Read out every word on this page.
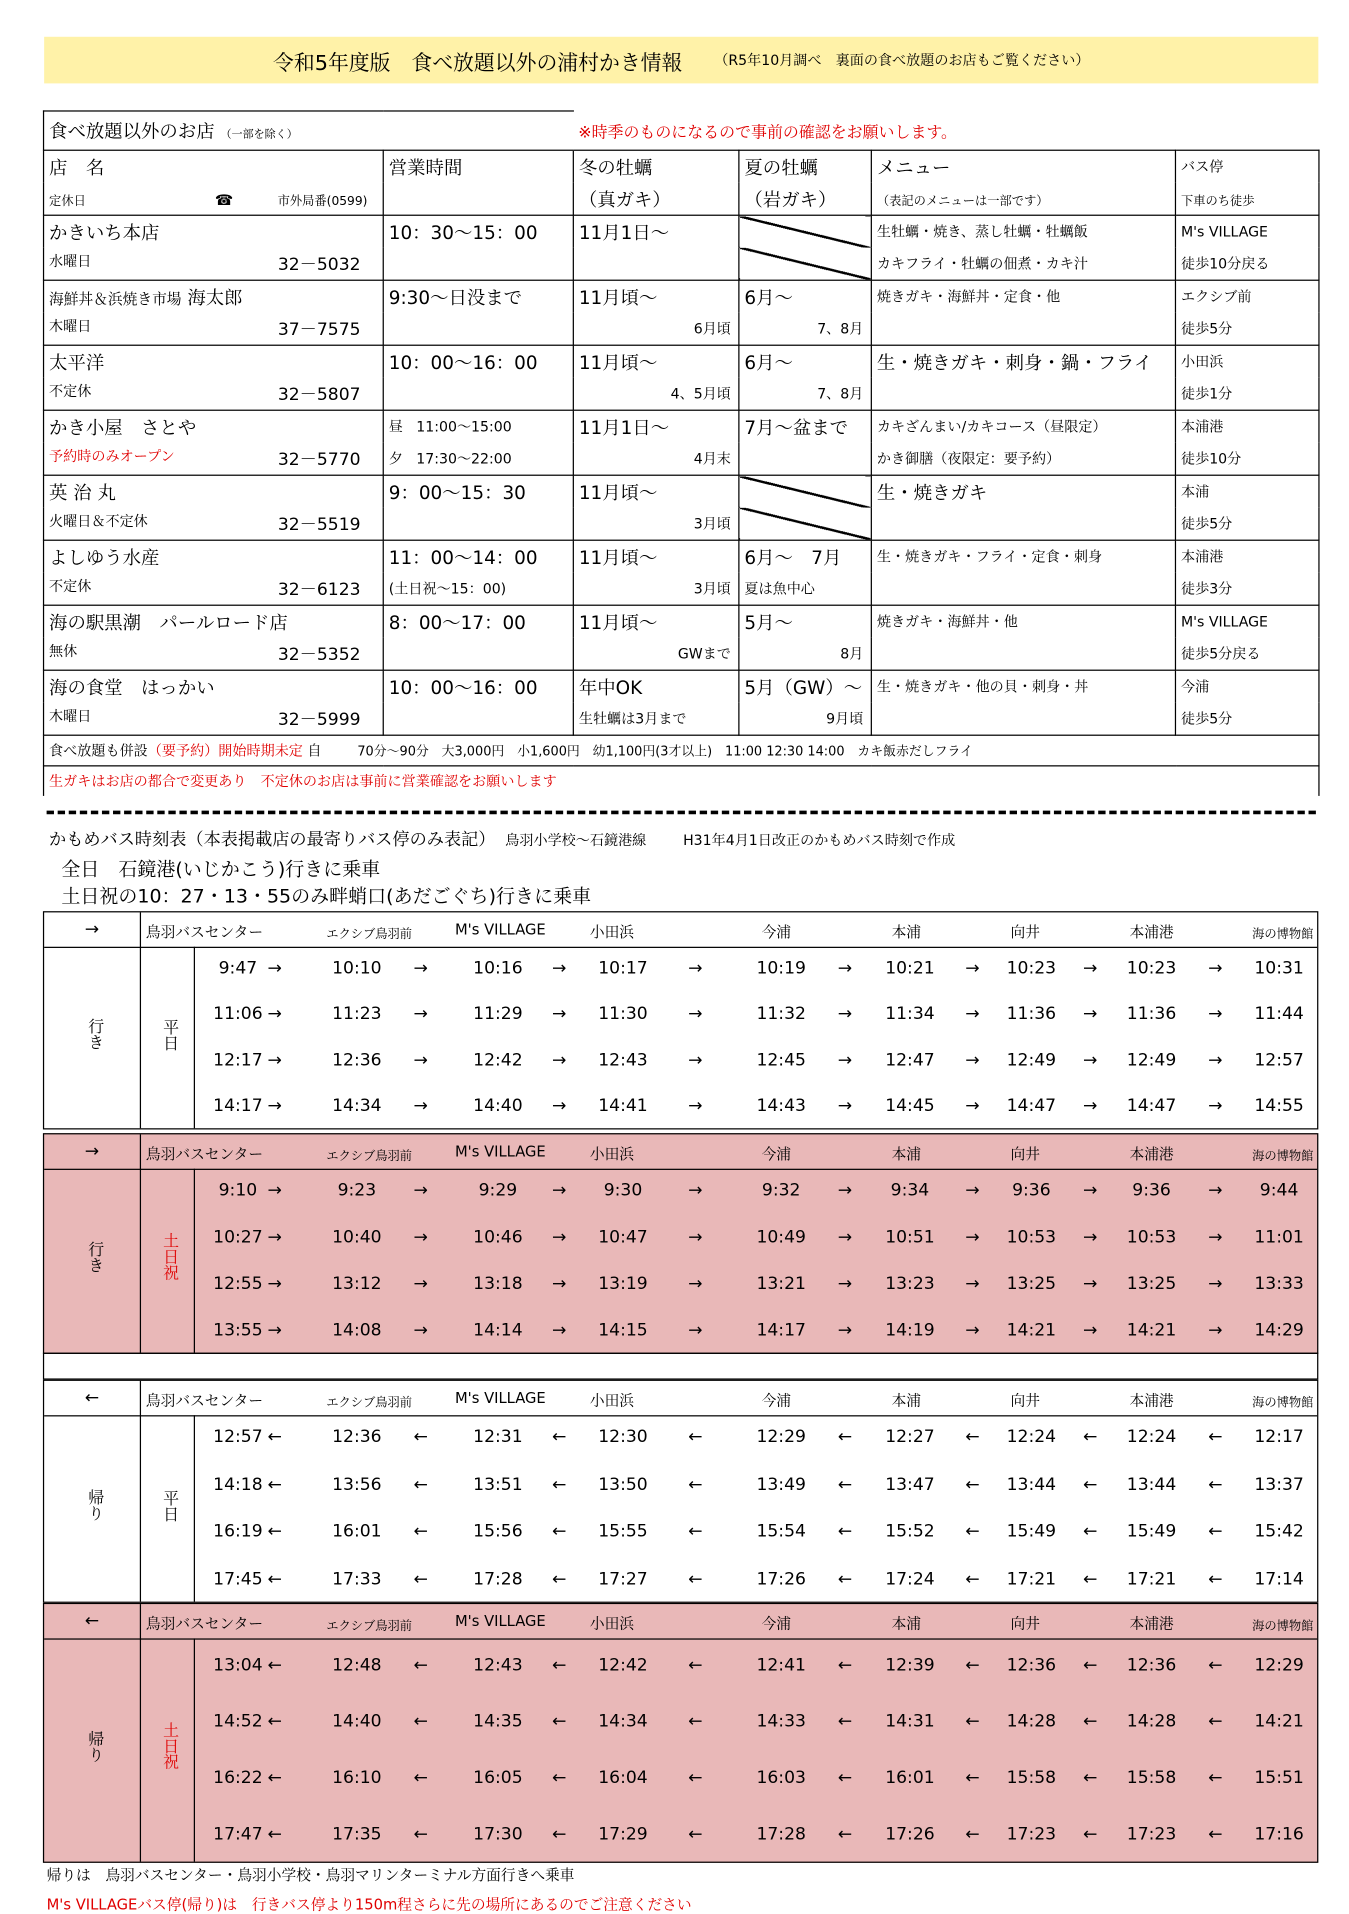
令和5年度版　食べ放題以外の浦村かき情報	（R5年10月調べ　裏面の食べ放題のお店もご覧ください）
食べ放題以外のお店 （一部を除く）		※時季のものになるので事前の確認をお願いします。			
店　名	営業時間	冬の牡蠣	夏の牡蠣	メニュー	バス停
定休日 ☎ 市外局番(0599)		（真ガキ）	（岩ガキ）	（表記のメニューは一部です）	下車のち徒歩
かきいち本店	10：30～15：00	11月1日～		生牡蠣・焼き、蒸し牡蠣・牡蠣飯	M's VILLAGE

水曜日 32－5032				カキフライ・牡蠣の佃煮・カキ汁	徒歩10分戻る
海鮮丼＆浜焼き市場 海太郎	9:30～日没まで	11月頃～	6月～	焼きガキ・海鮮丼・定食・他	エクシブ前

木曜日 37－7575		6月頃	7、8月		徒歩5分
太平洋	10：00～16：00	11月頃～	6月～	生・焼きガキ・刺身・鍋・フライ	小田浜

不定休 32－5807		4、5月頃	7、8月		徒歩1分
かき小屋　さとや	昼 11:00～15:00	11月1日～	7月～盆まで	カキざんまい/カキコース（昼限定）	本浦港

予約時のみオープン 32－5770	夕 17:30～22:00	4月末		かき御膳（夜限定：要予約）	徒歩10分
英 治 丸	9：00～15：30	11月頃～		生・焼きガキ	本浦

火曜日＆不定休 32－5519		3月頃			徒歩5分
よしゆう水産	11：00～14：00	11月頃～	6月～　7月	生・焼きガキ・フライ・定食・刺身	本浦港

不定休 32－6123	(土日祝～15：00)	3月頃	夏は魚中心		徒歩3分
海の駅黒潮　パールロード店	8：00～17：00	11月頃～	5月～	焼きガキ・海鮮丼・他	M's VILLAGE

無休 32－5352		GWまで	8月		徒歩5分戻る
海の食堂　はっかい	10：00～16：00	年中OK	5月（GW）～	生・焼きガキ・他の貝・刺身・丼	今浦

木曜日 32－5999		生牡蠣は3月まで	9月頃		徒歩5分
食べ放題も併設（要予約）開始時期未定 自 70分～90分　大3,000円　小1,600円　幼1,100円(3才以上)　11:00 12:30 14:00　カキ飯赤だしフライ					
生ガキはお店の都合で変更あり　不定休のお店は事前に営業確認をお願いします					
かもめバス時刻表（本表掲載店の最寄りバス停のみ表記） 鳥羽小学校～石鏡港線	H31年4月1日改正のかもめバス時刻で作成
全日　石鏡港(いじかこう)行きに乗車
土日祝の10：27・13・55のみ畔蛸口(あだごぐち)行きに乗車
→
行き	平日
鳥羽バスセンター	エクシブ鳥羽前	M's VILLAGE	小田浜	今浦	本浦	向井	本浦港	海の博物館
9:47	10:10	10:16	10:17	10:19	10:21	10:23	10:23	10:31
→	→	→	→	→	→	→	→
11:06	11:23	11:29	11:30	11:32	11:34	11:36	11:36	11:44
→	→	→	→	→	→	→	→
12:17	12:36	12:42	12:43	12:45	12:47	12:49	12:49	12:57
→	→	→	→	→	→	→	→
14:17	14:34	14:40	14:41	14:43	14:45	14:47	14:47	14:55
→	→	→	→	→	→	→	→
→
行き	土日祝
鳥羽バスセンター	エクシブ鳥羽前	M's VILLAGE	小田浜	今浦	本浦	向井	本浦港	海の博物館
9:10	9:23	9:29	9:30	9:32	9:34	9:36	9:36	9:44
→	→	→	→	→	→	→	→
10:27	10:40	10:46	10:47	10:49	10:51	10:53	10:53	11:01
→	→	→	→	→	→	→	→
12:55	13:12	13:18	13:19	13:21	13:23	13:25	13:25	13:33
→	→	→	→	→	→	→	→
13:55	14:08	14:14	14:15	14:17	14:19	14:21	14:21	14:29
→	→	→	→	→	→	→	→
←
帰り	平日
鳥羽バスセンター	エクシブ鳥羽前	M's VILLAGE	小田浜	今浦	本浦	向井	本浦港	海の博物館
12:57	12:36	12:31	12:30	12:29	12:27	12:24	12:24	12:17
←	←	←	←	←	←	←	←
14:18	13:56	13:51	13:50	13:49	13:47	13:44	13:44	13:37
←	←	←	←	←	←	←	←
16:19	16:01	15:56	15:55	15:54	15:52	15:49	15:49	15:42
←	←	←	←	←	←	←	←
17:45	17:33	17:28	17:27	17:26	17:24	17:21	17:21	17:14
←	←	←	←	←	←	←	←
←
帰り	土日祝
鳥羽バスセンター	エクシブ鳥羽前	M's VILLAGE	小田浜	今浦	本浦	向井	本浦港	海の博物館
13:04	12:48	12:43	12:42	12:41	12:39	12:36	12:36	12:29
←	←	←	←	←	←	←	←
14:52	14:40	14:35	14:34	14:33	14:31	14:28	14:28	14:21
←	←	←	←	←	←	←	←
16:22	16:10	16:05	16:04	16:03	16:01	15:58	15:58	15:51
←	←	←	←	←	←	←	←
17:47	17:35	17:30	17:29	17:28	17:26	17:23	17:23	17:16
←	←	←	←	←	←	←	←
帰りは　鳥羽バスセンター・鳥羽小学校・鳥羽マリンターミナル方面行きへ乗車
M's VILLAGEバス停(帰り)は　行きバス停より150m程さらに先の場所にあるのでご注意ください
